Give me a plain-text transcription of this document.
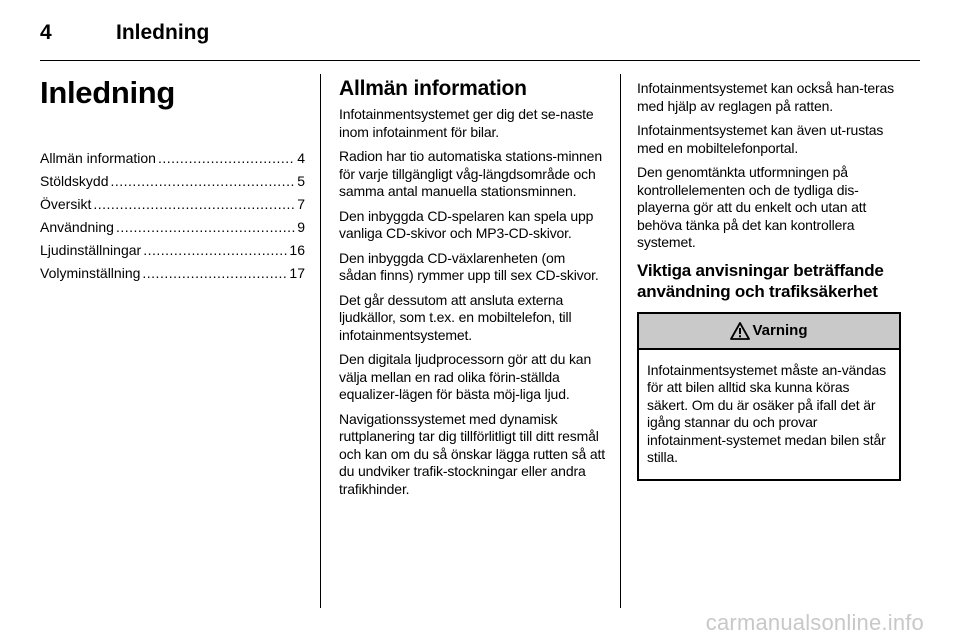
4	Inledning
Inledning
Allmän information .....	4
Stöldskydd .....	5
Översikt .....	7
Användning .....	9
Ljudinställningar .....	16
Volyminställning .....	17
Allmän information

Infotainmentsystemet ger dig det se-naste inom infotainment för bilar.

Radion har tio automatiska stations-minnen för varje tillgängligt våg-längdsområde och samma antal manuella stationsminnen.

Den inbyggda CD-spelaren kan spela upp vanliga CD-skivor och MP3-CD-skivor.

Den inbyggda CD-växlarenheten (om sådan finns) rymmer upp till sex CD-skivor.

Det går dessutom att ansluta externa ljudkällor, som t.ex. en mobiltelefon, till infotainmentsystemet.

Den digitala ljudprocessorn gör att du kan välja mellan en rad olika förin-ställda equalizer-lägen för bästa möj-liga ljud.

Navigationssystemet med dynamisk ruttplanering tar dig tillförlitligt till ditt resmål och kan om du så önskar lägga rutten så att du undviker trafik-stockningar eller andra trafikhinder.

Infotainmentsystemet kan också han-teras med hjälp av reglagen på ratten.

Infotainmentsystemet kan även ut-rustas med en mobiltelefonportal.

Den genomtänkta utformningen på kontrollelementen och de tydliga dis-playerna gör att du enkelt och utan att behöva tänka på det kan kontrollera systemet.

Viktiga anvisningar beträffande användning och trafiksäkerhet
Varning
Infotainmentsystemet måste an-vändas för att bilen alltid ska kunna köras säkert. Om du är osäker på ifall det är igång stannar du och provar infotainment-systemet medan bilen står stilla.
carmanualsonline.info
